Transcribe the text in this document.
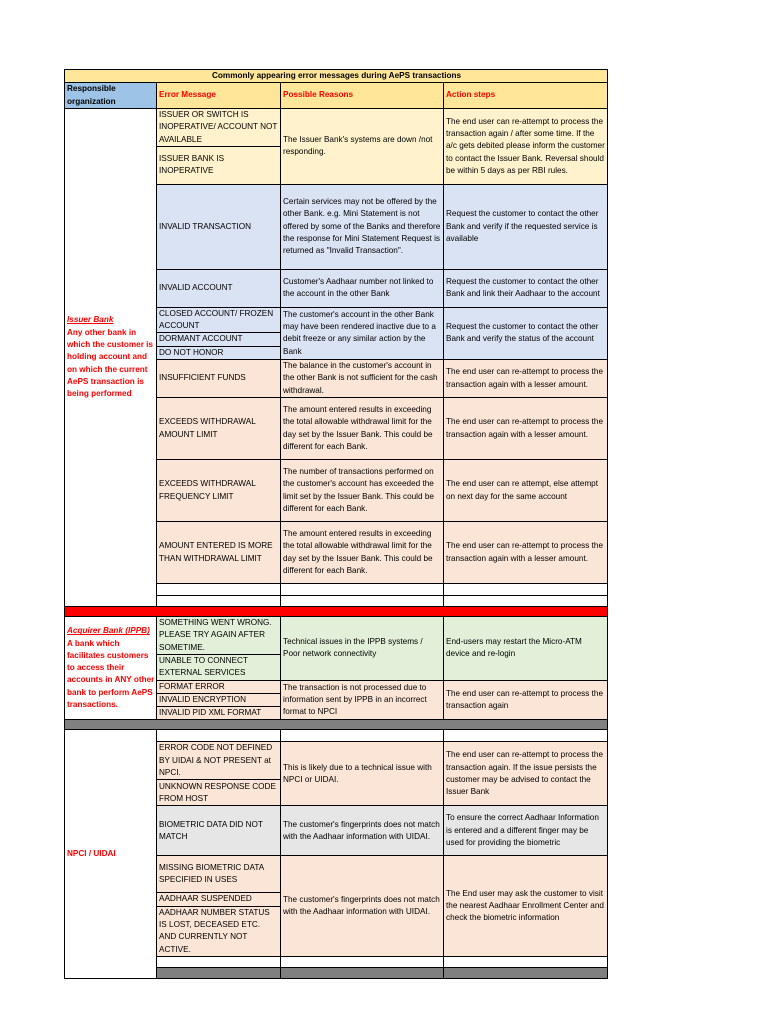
Commonly appearing error messages during AePS transactions			
Responsible organization	Error Message	Possible Reasons	Action steps

Issuer Bank
Any other bank in which the customer is holding account and on which the current AePS transaction is being performed	ISSUER OR SWITCH IS INOPERATIVE/ ACCOUNT NOT AVAILABLE	The Issuer Bank's systems are down /not responding.	The end user can re-attempt to process the transaction again / after some time. If the a/c gets debited please inform the customer to contact the Issuer Bank. Reversal should be within 5 days as per RBI rules.
	ISSUER BANK IS INOPERATIVE		
	INVALID TRANSACTION	Certain services may not be offered by the other Bank. e.g. Mini Statement is not offered by some of the Banks and therefore the response for Mini Statement Request is returned as "Invalid Transaction".	Request the customer to contact the other Bank and verify if the requested service is available
	INVALID ACCOUNT	Customer's Aadhaar number not linked to the account in the other Bank	Request the customer to contact the other Bank and link their Aadhaar to the account
	CLOSED ACCOUNT/ FROZEN ACCOUNT	The customer's account in the other Bank may have been rendered inactive due to a debit freeze or any similar action by the Bank	Request the customer to contact the other Bank and verify the status of the account
	DORMANT ACCOUNT		
	DO NOT HONOR		
	INSUFFICIENT FUNDS	The balance in the customer's account in the other Bank is not sufficient for the cash withdrawal.	The end user can re-attempt to process the transaction again with a lesser amount.
	EXCEEDS WITHDRAWAL AMOUNT LIMIT	The amount entered results in exceeding the total allowable withdrawal limit for the day set by the Issuer Bank. This could be different for each Bank.	The end user can re-attempt to process the transaction again with a lesser amount.
	EXCEEDS WITHDRAWAL FREQUENCY LIMIT	The number of transactions performed on the customer's account has exceeded the limit set by the Issuer Bank. This could be different for each Bank.	The end user can re attempt, else attempt on next day for the same account
	AMOUNT ENTERED IS MORE THAN WITHDRAWAL LIMIT	The amount entered results in exceeding the total allowable withdrawal limit for the day set by the Issuer Bank. This could be different for each Bank.	The end user can re-attempt to process the transaction again with a lesser amount.

Acquirer Bank (IPPB)
A bank which facilitates customers to access their accounts in ANY other bank to perform AePS transactions.	SOMETHING WENT WRONG. PLEASE TRY AGAIN AFTER SOMETIME.	Technical issues in the IPPB systems / Poor network connectivity	End-users may restart the Micro-ATM device and re-login
	UNABLE TO CONNECT EXTERNAL SERVICES		
	FORMAT ERROR	The transaction is not processed due to information sent by IPPB in an incorrect format to NPCI	The end user can re-attempt to process the transaction again
	INVALID ENCRYPTION		
	INVALID PID XML FORMAT		

NPCI / UIDAI			
	ERROR CODE NOT DEFINED BY UIDAI & NOT PRESENT at NPCI.	This is likely due to a technical issue with NPCI or UIDAI.	The end user can re-attempt to process the transaction again. If the issue persists the customer may be advised to contact the Issuer Bank
	UNKNOWN RESPONSE CODE FROM HOST		
	BIOMETRIC DATA DID NOT MATCH	The customer's fingerprints does not match with the Aadhaar information with UIDAI.	To ensure the correct Aadhaar Information is entered and a different finger may be used for providing the biometric
	MISSING BIOMETRIC DATA SPECIFIED IN USES	The customer's fingerprints does not match with the Aadhaar information with UIDAI.	The End user may ask the customer to visit the nearest Aadhaar Enrollment Center and check the biometric information
	AADHAAR SUSPENDED		
	AADHAAR NUMBER STATUS IS LOST, DECEASED ETC. AND CURRENTLY NOT ACTIVE.		
